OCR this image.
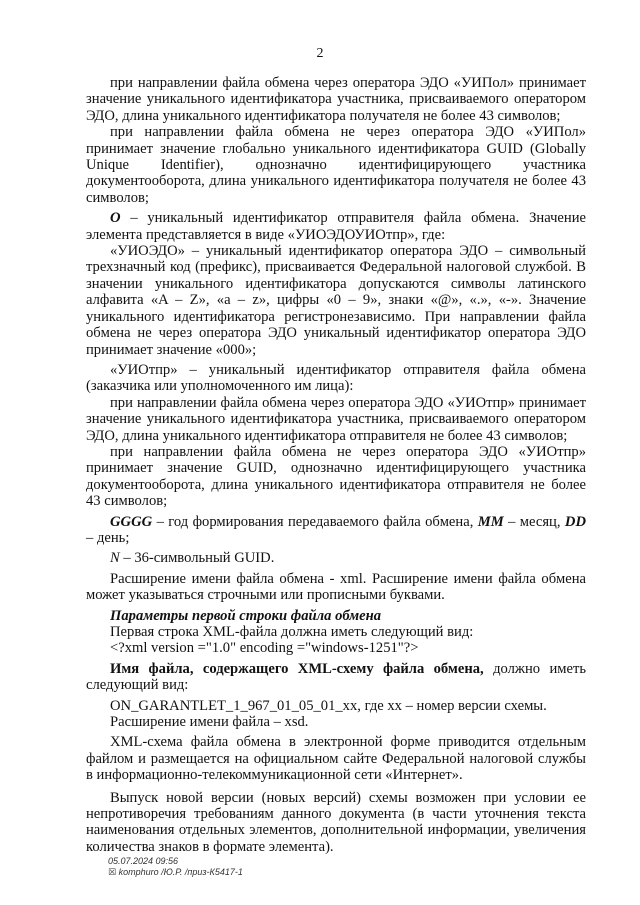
2

при направлении файла обмена через оператора ЭДО «УИПол» принимает значение уникального идентификатора участника, присваиваемого оператором ЭДО, длина уникального идентификатора получателя не более 43 символов;

при направлении файла обмена не через оператора ЭДО «УИПол» принимает значение глобально уникального идентификатора GUID (Globally Unique Identifier), однозначно идентифицирующего участника документооборота, длина уникального идентификатора получателя не более 43 символов;

O – уникальный идентификатор отправителя файла обмена. Значение элемента представляется в виде «УИОЭДОУИОтпр», где:

«УИОЭДО» – уникальный идентификатор оператора ЭДО – символьный трехзначный код (префикс), присваивается Федеральной налоговой службой. В значении уникального идентификатора допускаются символы латинского алфавита «A – Z», «a – z», цифры «0 – 9», знаки «@», «.», «-». Значение уникального идентификатора регистронезависимо. При направлении файла обмена не через оператора ЭДО уникальный идентификатор оператора ЭДО принимает значение «000»;

«УИОтпр» – уникальный идентификатор отправителя файла обмена (заказчика или уполномоченного им лица):

при направлении файла обмена через оператора ЭДО «УИОтпр» принимает значение уникального идентификатора участника, присваиваемого оператором ЭДО, длина уникального идентификатора отправителя не более 43 символов;

при направлении файла обмена не через оператора ЭДО «УИОтпр» принимает значение GUID, однозначно идентифицирующего участника документооборота, длина уникального идентификатора отправителя не более 43 символов;

GGGG – год формирования передаваемого файла обмена, MM – месяц, DD – день;

N – 36-символьный GUID.

Расширение имени файла обмена - xml. Расширение имени файла обмена может указываться строчными или прописными буквами.

Параметры первой строки файла обмена

Первая строка XML-файла должна иметь следующий вид:

<?xml version ="1.0" encoding ="windows-1251"?>

Имя файла, содержащего XML-схему файла обмена, должно иметь следующий вид:

ON_GARANTLET_1_967_01_05_01_xx, где xx – номер версии схемы.

Расширение имени файла – xsd.

XML-схема файла обмена в электронной форме приводится отдельным файлом и размещается на официальном сайте Федеральной налоговой службы в информационно-телекоммуникационной сети «Интернет».

Выпуск новой версии (новых версий) схемы возможен при условии ее непротиворечия требованиям данного документа (в части уточнения текста наименования отдельных элементов, дополнительной информации, увеличения количества знаков в формате элемента).

05.07.2024 09:56
☒ komphuro /Ю.Р. /приз-К5417-1
